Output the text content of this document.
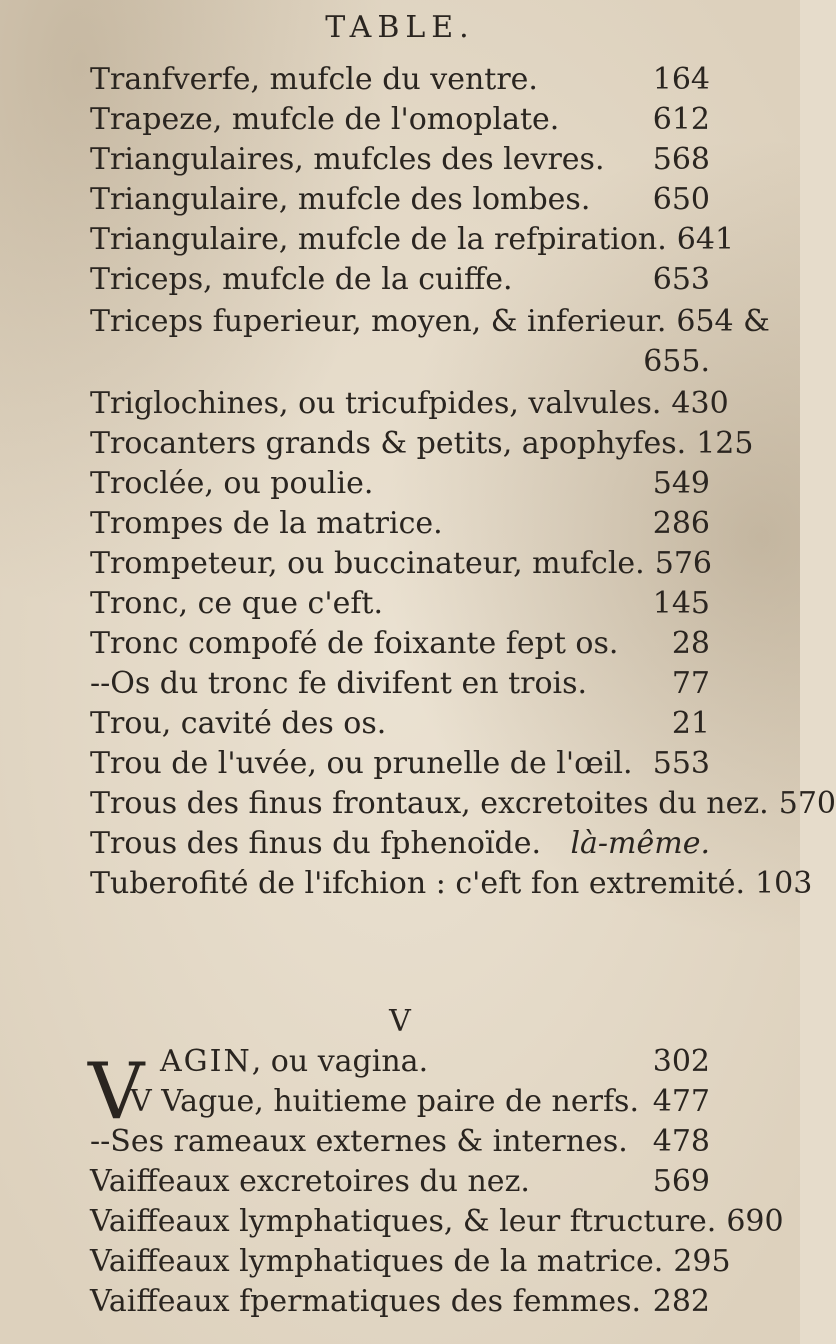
TABLE.
Tranfverfe, mufcle du ventre.	164
Trapeze, mufcle de l'omoplate.	612
Triangulaires, mufcles des levres.	568
Triangulaire, mufcle des lombes.	650
Triangulaire, mufcle de la refpiration. 641
Triceps, mufcle de la cuiffe.	653
Triceps fuperieur, moyen, & inferieur. 654 &
655.
Triglochines, ou tricufpides, valvules. 430
Trocanters grands & petits, apophyfes. 125
Troclée, ou poulie.	549
Trompes de la matrice.	286
Trompeteur, ou buccinateur, mufcle. 576
Tronc, ce que c'eft.	145
Tronc compofé de foixante fept os.	28
--Os du tronc fe divifent en trois.	77
Trou, cavité des os.	21
Trou de l'uvée, ou prunelle de l'œil. 553
Trous des finus frontaux, excretoites du nez. 570
Trous des finus du fphenoïde. là-même.
Tuberofité de l'ifchion : c'eft fon extremité. 103
V
V AGIN, ou vagina.	302
V Vague, huitieme paire de nerfs. 477
--Ses rameaux externes & internes. 478
Vaiffeaux excretoires du nez.	569
Vaiffeaux lymphatiques, & leur ftructure. 690
Vaiffeaux lymphatiques de la matrice. 295
Vaiffeaux fpermatiques des femmes. 282
